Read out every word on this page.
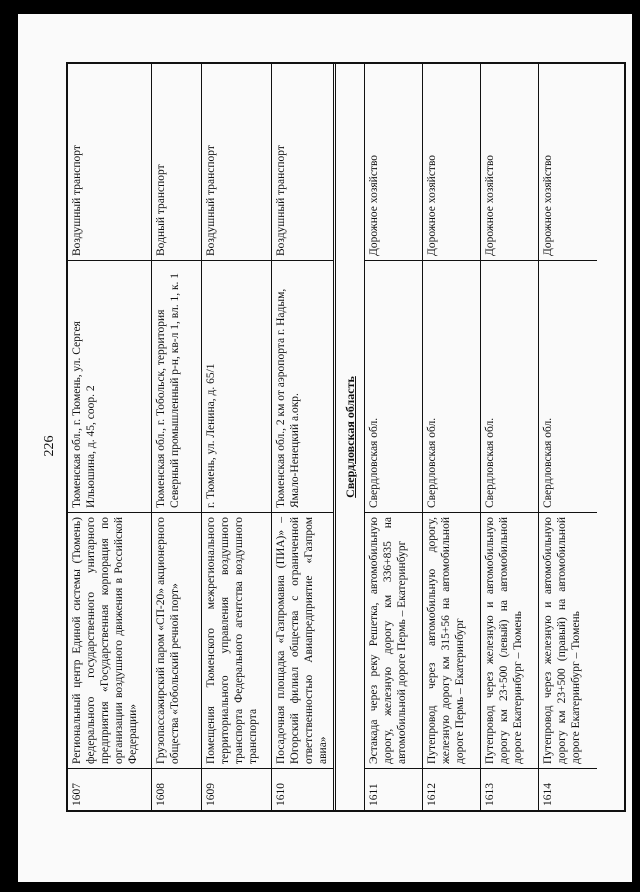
226
1607
Региональный центр Единой системы (Тюмень) федерального государственного унитарного предприятия «Государственная корпорация по организации воздушного движения в Российской Федерации»
Тюменская обл., г. Тюмень, ул. Сергея Ильюшина, д. 45, соор. 2
Воздушный транспорт
1608
Грузопассажирский паром «СП-20» акционерного общества «Тобольский речной порт»
Тюменская обл., г. Тобольск, территория Северный промышленный р-н, кв-л 1, вл. 1, к. 1
Водный транспорт
1609
Помещения Тюменского межрегионального территориального управления воздушного транспорта Федерального агентства воздушного транспорта
г. Тюмень, ул. Ленина, д. 65/1
Воздушный транспорт
1610
Посадочная площадка «Газпромавиа (ПИА)» – Югорский филиал общества с ограниченной ответственностью Авиапредприятие «Газпром авиа»
Тюменская обл., 2 км от аэропорта г. Надым, Ямало-Ненецкий а.окр.
Воздушный транспорт
Свердловская область
1611
Эстакада через реку Решетка, автомобильную дорогу, железную дорогу км 336+835 на автомобильной дороге Пермь – Екатеринбург
Свердловская обл.
Дорожное хозяйство
1612
Путепровод через автомобильную дорогу, железную дорогу км 315+56 на автомобильной дороге Пермь – Екатеринбург
Свердловская обл.
Дорожное хозяйство
1613
Путепровод через железную и автомобильную дорогу км 23+500 (левый) на автомобильной дороге Екатеринбург – Тюмень
Свердловская обл.
Дорожное хозяйство
1614
Путепровод через железную и автомобильную дорогу км 23+500 (правый) на автомобильной дороге Екатеринбург – Тюмень
Свердловская обл.
Дорожное хозяйство
